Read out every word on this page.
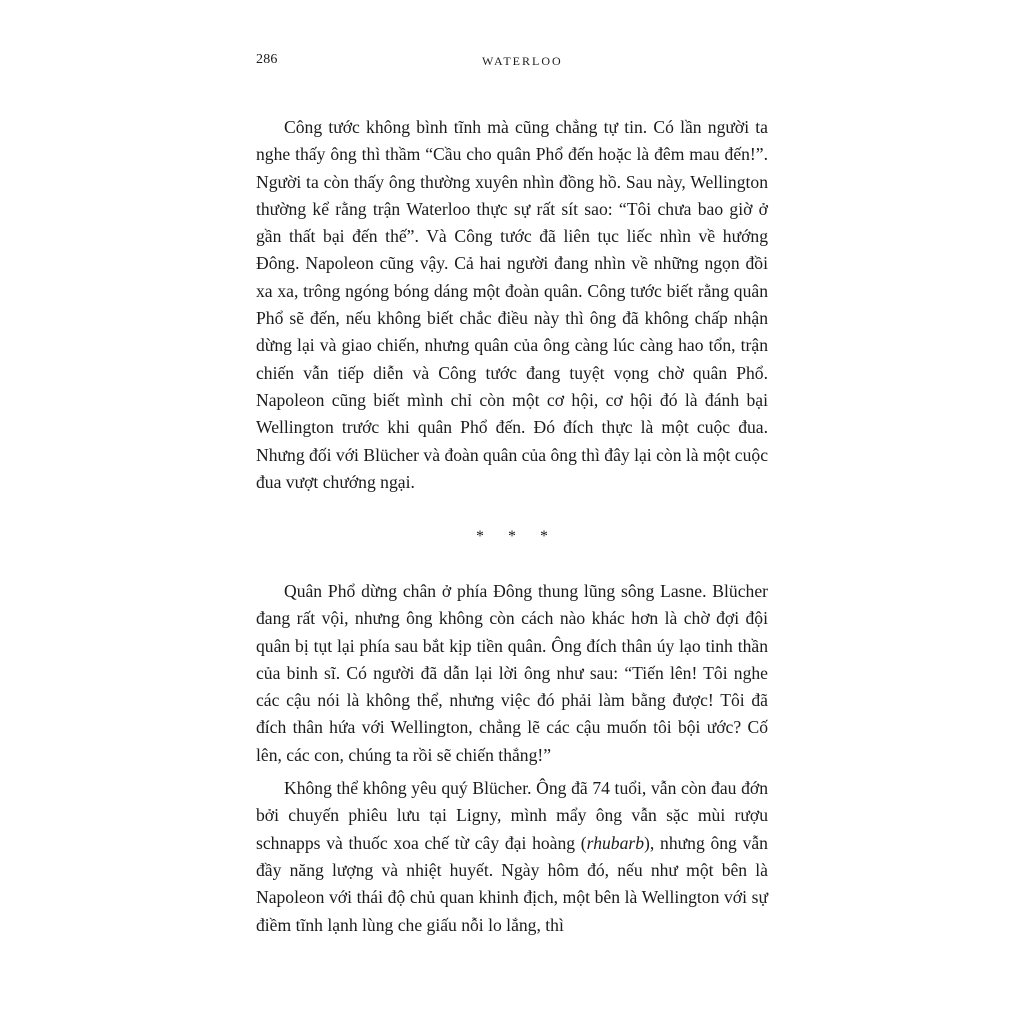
286	WATERLOO

Công tước không bình tĩnh mà cũng chẳng tự tin. Có lần người ta nghe thấy ông thì thầm “Cầu cho quân Phổ đến hoặc là đêm mau đến!”. Người ta còn thấy ông thường xuyên nhìn đồng hồ. Sau này, Wellington thường kể rằng trận Waterloo thực sự rất sít sao: “Tôi chưa bao giờ ở gần thất bại đến thế”. Và Công tước đã liên tục liếc nhìn về hướng Đông. Napoleon cũng vậy. Cả hai người đang nhìn về những ngọn đồi xa xa, trông ngóng bóng dáng một đoàn quân. Công tước biết rằng quân Phổ sẽ đến, nếu không biết chắc điều này thì ông đã không chấp nhận dừng lại và giao chiến, nhưng quân của ông càng lúc càng hao tổn, trận chiến vẫn tiếp diễn và Công tước đang tuyệt vọng chờ quân Phổ. Napoleon cũng biết mình chỉ còn một cơ hội, cơ hội đó là đánh bại Wellington trước khi quân Phổ đến. Đó đích thực là một cuộc đua. Nhưng đối với Blücher và đoàn quân của ông thì đây lại còn là một cuộc đua vượt chướng ngại.

* * *

Quân Phổ dừng chân ở phía Đông thung lũng sông Lasne. Blücher đang rất vội, nhưng ông không còn cách nào khác hơn là chờ đợi đội quân bị tụt lại phía sau bắt kịp tiền quân. Ông đích thân úy lạo tinh thần của binh sĩ. Có người đã dẫn lại lời ông như sau: “Tiến lên! Tôi nghe các cậu nói là không thể, nhưng việc đó phải làm bằng được! Tôi đã đích thân hứa với Wellington, chẳng lẽ các cậu muốn tôi bội ước? Cố lên, các con, chúng ta rồi sẽ chiến thắng!”

Không thể không yêu quý Blücher. Ông đã 74 tuổi, vẫn còn đau đớn bởi chuyến phiêu lưu tại Ligny, mình mẩy ông vẫn sặc mùi rượu schnapps và thuốc xoa chế từ cây đại hoàng (rhubarb), nhưng ông vẫn đầy năng lượng và nhiệt huyết. Ngày hôm đó, nếu như một bên là Napoleon với thái độ chủ quan khinh địch, một bên là Wellington với sự điềm tĩnh lạnh lùng che giấu nỗi lo lắng, thì
